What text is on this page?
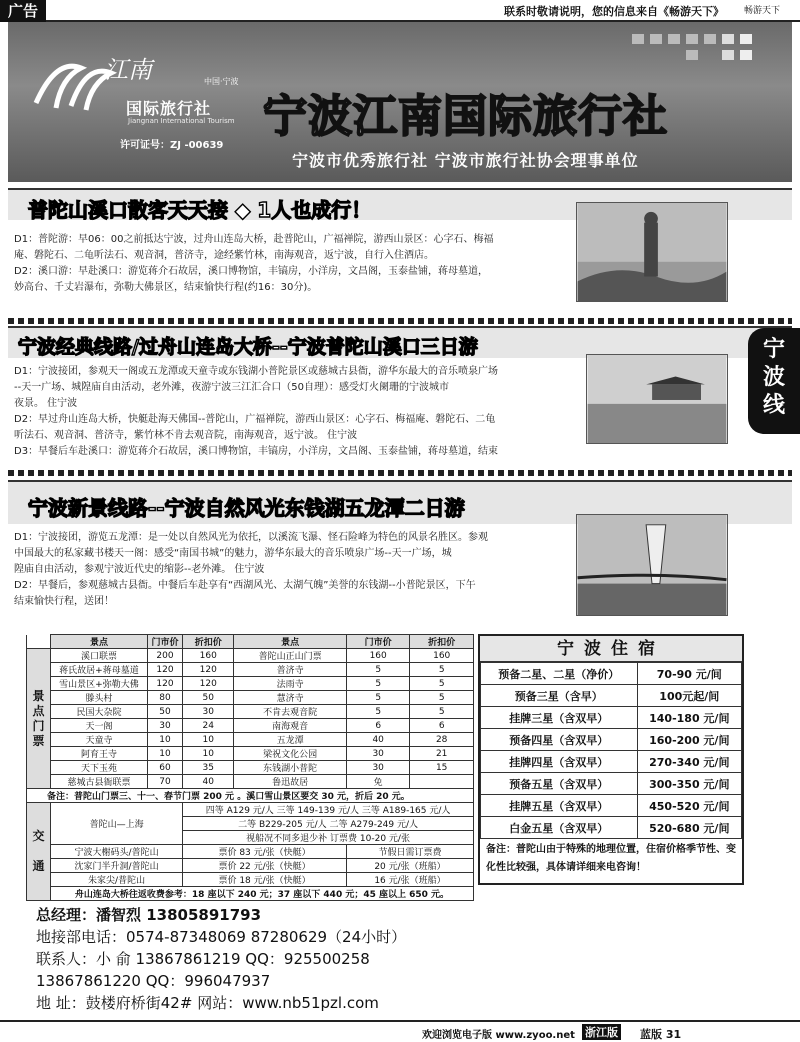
广告	联系时敬请说明，您的信息来自《畅游天下》	畅游天下
江南	中国·宁波
国际旅行社
Jiangnan International Tourism
许可证号：ZJ -00639
宁波江南国际旅行社
宁波市优秀旅行社 宁波市旅行社协会理事单位
普陀山溪口散客天天接 ◆ 1人也成行！

D1：普陀游：早06：00之前抵达宁波，过舟山连岛大桥，赴普陀山，广福禅院，游西山景区：心字石、梅福

庵、磐陀石、二龟听法石、观音洞，普济寺，途经紫竹林，南海观音，返宁波，自行入住酒店。

D2：溪口游：早赴溪口：游览蒋介石故居，溪口博物馆，丰镐房，小洋房，文昌阁，玉泰盐铺，蒋母墓道，

妙高台、千丈岩瀑布，弥勒大佛景区，结束愉快行程(约16：30分)。

宁波经典线路/过舟山连岛大桥--宁波普陀山溪口三日游

D1：宁波接团，参观天一阁或五龙潭或天童寺或东钱湖小普陀景区或慈城古县衙，游华东最大的音乐喷泉广场

--天一广场、城隍庙自由活动，老外滩，夜游宁波三江汇合口（50自理）：感受灯火阑珊的宁波城市

夜景。 住宁波

D2：早过舟山连岛大桥，快艇赴海天佛国--普陀山，广福禅院，游西山景区：心字石、梅福庵、磐陀石、二龟

听法石、观音洞、普济寺，紫竹林不肯去观音院，南海观音，返宁波。 住宁波

D3：早餐后车赴溪口：游览蒋介石故居，溪口博物馆，丰镐房，小洋房，文昌阁、玉泰盐铺，蒋母墓道，结束

宁波新景线路--宁波自然风光东钱湖五龙潭二日游

D1：宁波接团，游览五龙潭：是一处以自然风光为依托，以溪流飞瀑、怪石险峰为特色的风景名胜区。参观

中国最大的私家藏书楼天一阁：感受“南国书城”的魅力，游华东最大的音乐喷泉广场--天一广场，城

隍庙自由活动，参观宁波近代史的缩影--老外滩。 住宁波

D2：早餐后，参观慈城古县衙。中餐后车赴享有“西湖风光、太湖气魄”美誉的东钱湖--小普陀景区，下午

结束愉快行程，送团！

宁
波
线
	景点	门市价	折扣价	景点	门市价	折扣价
景
点
门
票	溪口联票	200	160	普陀山正山门票	160	160
	蒋氏故居+蒋母墓道	120	120	普济寺	5	5
	雪山景区+弥勒大佛	120	120	法雨寺	5	5
	滕头村	80	50	慧济寺	5	5
	民国大杂院	50	30	不肯去观音院	5	5
	天一阁	30	24	南海观音	6	6
	天童寺	10	10	五龙潭	40	28
	阿育王寺	10	10	梁祝文化公园	30	21
	天下玉苑	60	35	东钱湖小普陀	30	15
	慈城古县衙联票	70	40	鲁迅故居	免	
备注：普陀山门票三、十一、春节门票 200 元 。溪口雪山景区要交 30 元，折后 20 元。						
交

通	普陀山—上海		四等 A129 元/人 三等 149-139 元/人 三等 A189-165 元/人			
			二等 B229-205 元/人 二等 A279-249 元/人			
			视船况不同多退少补 订票费 10-20 元/张			
	宁波大榭码头/普陀山		票价 83 元/张（快艇）		节假日需订票费	
	沈家门半升洞/普陀山		票价 22 元/张（快艇）		20 元/张（班船）	
	朱家尖/普陀山		票价 18 元/张（快艇）		16 元/张（班船）	
	舟山连岛大桥往返收费参考：18 座以下 240 元；37 座以下 440 元；45 座以上 650 元。					
宁波住宿
预备二星、二星（净价）	70-90 元/间
预备三星（含早）	100元起/间
挂牌三星（含双早）	140-180 元/间
预备四星（含双早）	160-200 元/间
挂牌四星（含双早）	270-340 元/间
预备五星（含双早）	300-350 元/间
挂牌五星（含双早）	450-520 元/间
白金五星（含双早）	520-680 元/间
备注：普陀山由于特殊的地理位置，住宿价格季节性、变化性比较强，具体请详细来电咨询！
总经理：潘智烈 13805891793
地接部电话：0574-87348069 87280629（24小时）
联系人：小 俞 13867861219 QQ：925500258
13867861220 QQ：996047937
地 址：鼓楼府桥街42# 网站：www.nb51pzl.com
欢迎浏览电子版 www.zyoo.net 浙江版 蓝版 31
